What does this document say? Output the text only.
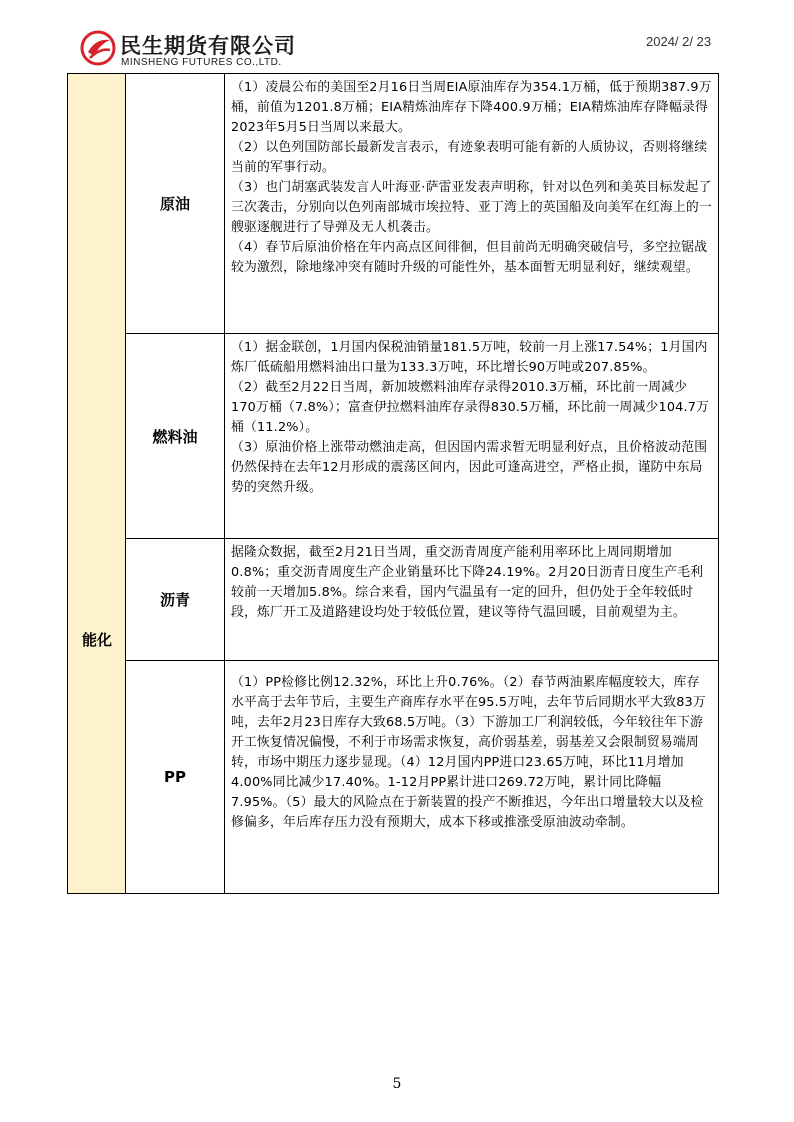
民生期货有限公司
MINSHENG FUTURES CO.,LTD.
2024/ 2/ 23
能化
原油

（1）凌晨公布的美国至2月16日当周EIA原油库存为354.1万桶，低于预期387.9万桶，前值为1201.8万桶；EIA精炼油库存下降400.9万桶；EIA精炼油库存降幅录得2023年5月5日当周以来最大。

（2）以色列国防部长最新发言表示，有迹象表明可能有新的人质协议，否则将继续当前的军事行动。

（3）也门胡塞武装发言人叶海亚·萨雷亚发表声明称，针对以色列和美英目标发起了三次袭击，分别向以色列南部城市埃拉特、亚丁湾上的英国船及向美军在红海上的一艘驱逐舰进行了导弹及无人机袭击。

（4）春节后原油价格在年内高点区间徘徊，但目前尚无明确突破信号，多空拉锯战较为激烈，除地缘冲突有随时升级的可能性外，基本面暂无明显利好，继续观望。

燃料油

（1）据金联创，1月国内保税油销量181.5万吨，较前一月上涨17.54%；1月国内炼厂低硫船用燃料油出口量为133.3万吨，环比增长90万吨或207.85%。

（2）截至2月22日当周，新加坡燃料油库存录得2010.3万桶，环比前一周减少170万桶（7.8%）；富查伊拉燃料油库存录得830.5万桶，环比前一周减少104.7万桶（11.2%）。

（3）原油价格上涨带动燃油走高，但因国内需求暂无明显利好点，且价格波动范围仍然保持在去年12月形成的震荡区间内，因此可逢高进空，严格止损，谨防中东局势的突然升级。

沥青

据隆众数据，截至2月21日当周，重交沥青周度产能利用率环比上周同期增加0.8%；重交沥青周度生产企业销量环比下降24.19%。2月20日沥青日度生产毛利较前一天增加5.8%。综合来看，国内气温虽有一定的回升，但仍处于全年较低时段，炼厂开工及道路建设均处于较低位置，建议等待气温回暖，目前观望为主。

PP

（1）PP检修比例12.32%，环比上升0.76%。（2）春节两油累库幅度较大，库存水平高于去年节后，主要生产商库存水平在95.5万吨，去年节后同期水平大致83万吨，去年2月23日库存大致68.5万吨。（3）下游加工厂利润较低，今年较往年下游开工恢复情况偏慢，不利于市场需求恢复，高价弱基差，弱基差又会限制贸易端周转，市场中期压力逐步显现。（4）12月国内PP进口23.65万吨，环比11月增加4.00%同比减少17.40%。1-12月PP累计进口269.72万吨，累计同比降幅7.95%。（5）最大的风险点在于新装置的投产不断推迟，今年出口增量较大以及检修偏多，年后库存压力没有预期大，成本下移或推涨受原油波动牵制。

5
